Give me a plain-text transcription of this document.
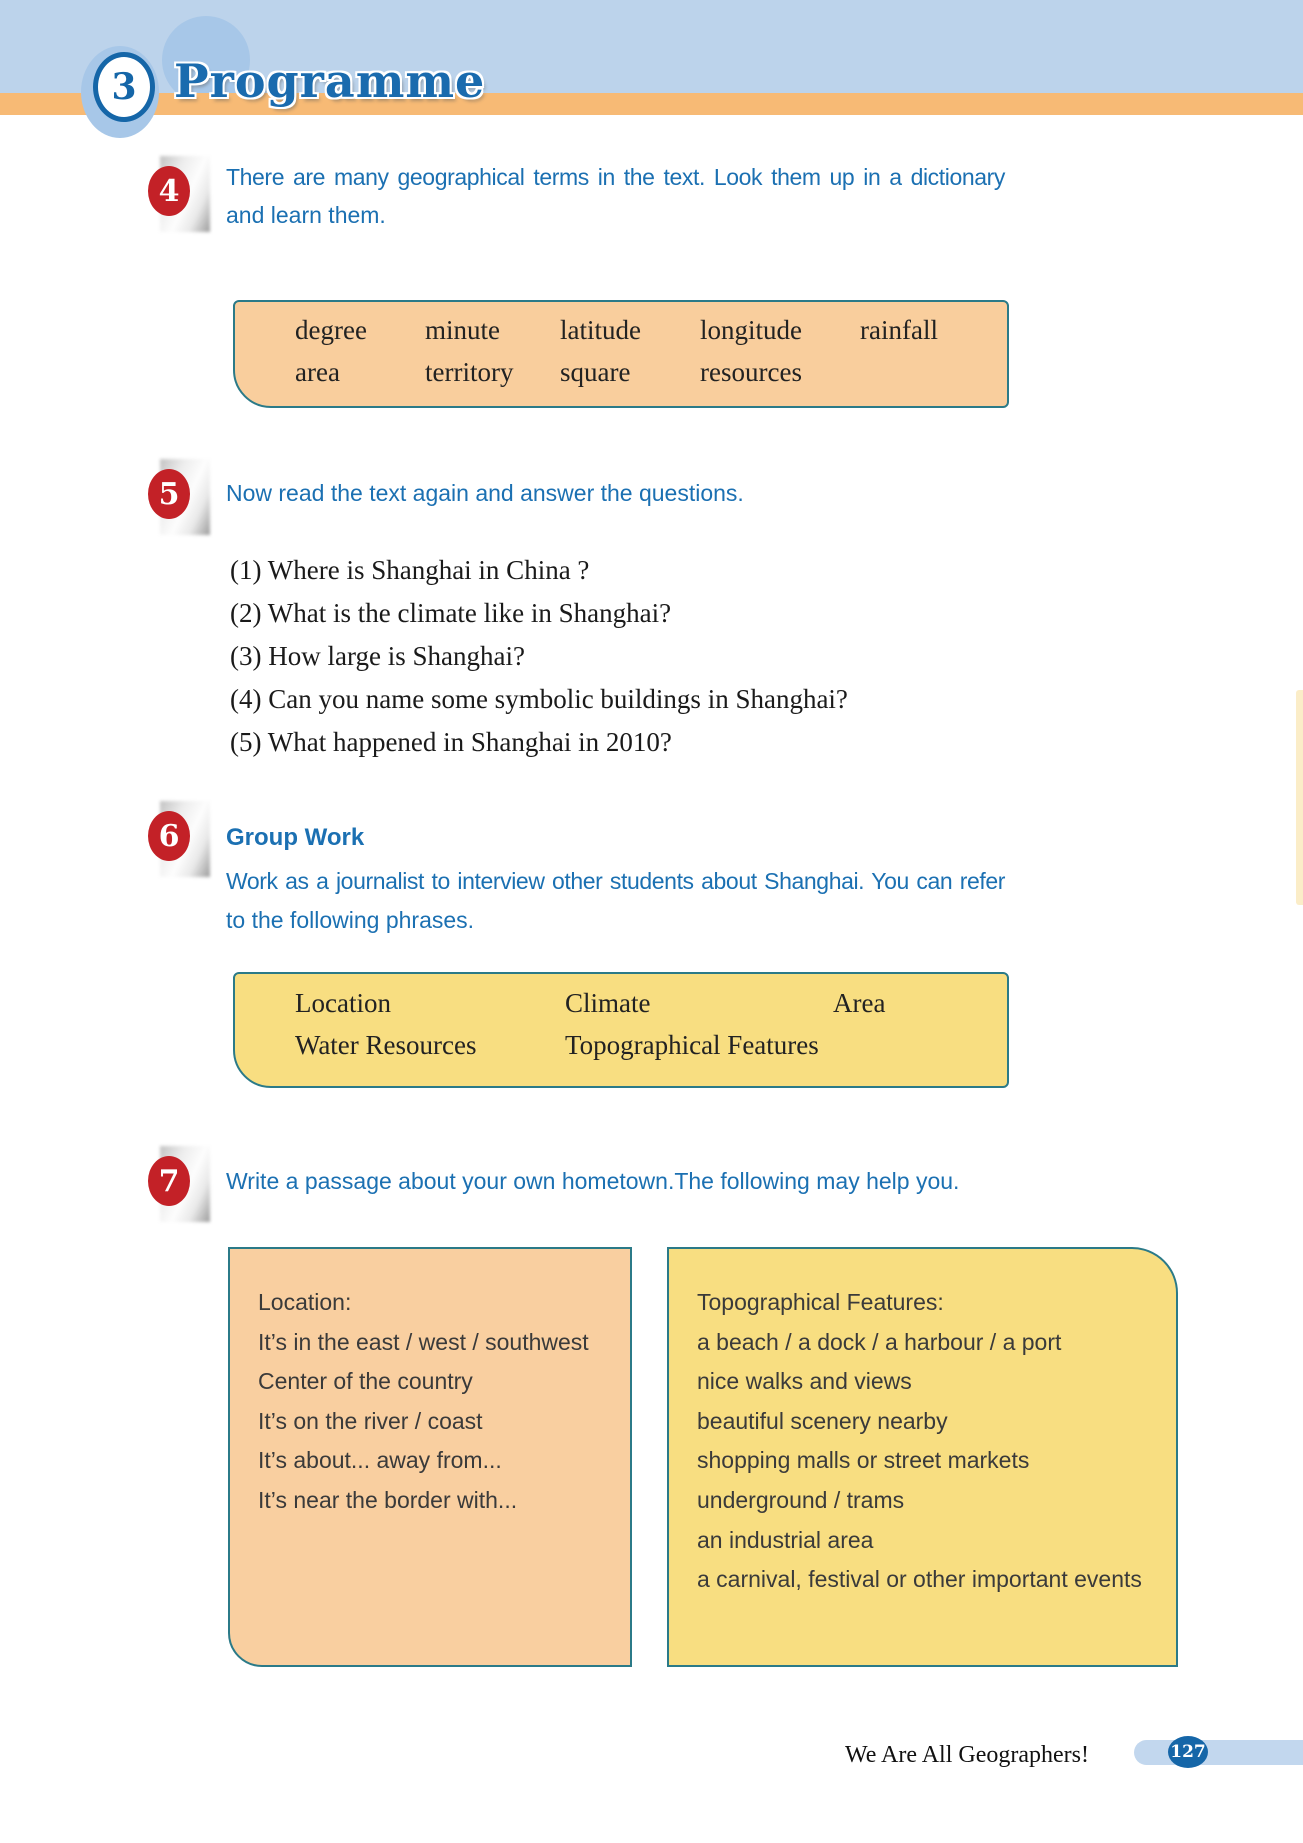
3 Programme
4	There are many geographical terms in the text. Look them up in a dictionary
and learn them.
degree minute latitude longitude rainfall
area	territory square	resources
5	Now read the text again and answer the questions.
(1) Where is Shanghai in China ?
(2) What is the climate like in Shanghai?
(3) How large is Shanghai?
(4) Can you name some symbolic buildings in Shanghai?
(5) What happened in Shanghai in 2010?
6	Group Work
Work as a journalist to interview other students about Shanghai. You can refer
to the following phrases.
Location	Climate	Area
Water Resources	Topographical Features
7	Write a passage about your own hometown.The following may help you.
Location:
It’s in the east / west / southwest
Center of the country
It’s on the river / coast
It’s about... away from...
It’s near the border with...
Topographical Features:
a beach / a dock / a harbour / a port
nice walks and views
beautiful scenery nearby
shopping malls or street markets
underground / trams
an industrial area
a carnival, festival or other important events
We Are All Geographers!	127
